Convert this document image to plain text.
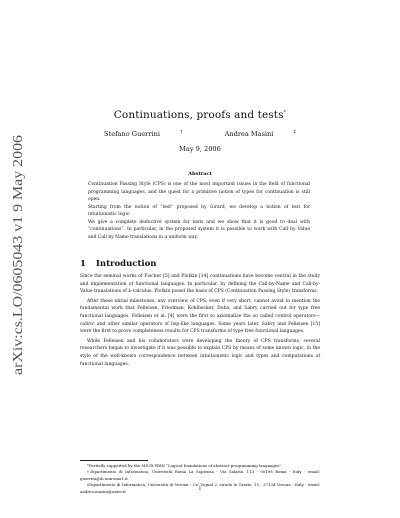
arXiv:cs.LO/0605043 v1 9 May 2006
Continuations, proofs and tests*
Stefano Guerrini	†	Andrea Masini	‡
May 9, 2006
Abstract

Continuation Passing Style (CPS) is one of the most important issues in the field of functional programming languages, and the quest for a primitive notion of types for continuation is still open.

Starting from the notion of “test” proposed by Girard, we develop a notion of test for intuitionistic logic.

We give a complete deductive system for tests and we show that it is good to deal with “continuations”. In particular, in the proposed system it is possible to work with Call by Value and Call by Name translations in a uniform way.

1 Introduction

Since the seminal works of Fischer [5] and Plotkin [14] continuations have become central in the study and implementation of functional languages. In particular, by defining the Call-by-Name and Call-by-Value translations of λ-calculus, Plotkin posed the basis of CPS (Continuation Passing Style) transforms.

After these initial milestones, any overview of CPS, even if very short, cannot avoid to mention the fundamental work that Felleisen, Friedman, Kohlbecker, Duba, and Sabry carried out for type free functional languages. Felleisen et al. [4] were the first to axiomatize the so called control operators—call/cc and other similar operators of lisp-like languages. Some years later, Sabry and Felleisen [15] were the first to prove completeness results for CPS transforms of type-free functional languages.

While Felleisen and his collaborators were developing the theory of CPS transforms, several researchers began to investigate if it was possible to explain CPS by means of some known logic, in the style of the well-known correspondence between intuitionistic logic and types and computations of functional languages.

*Partially supported by the MIUR PRIN “Logical foundations of abstract programming languages”.

†Dipartimento di Informatica, Università Roma La Sapienza - Via Salaria, 113 - 00198 Roma - Italy - email: guerrini@di.uniroma1.it

‡Dipartimento di Informatica, Università di Verona - Ca' Vignal 2, strada le Grazie, 15 - 37134 Verona - Italy - email: andrea.masini@univr.it	1
